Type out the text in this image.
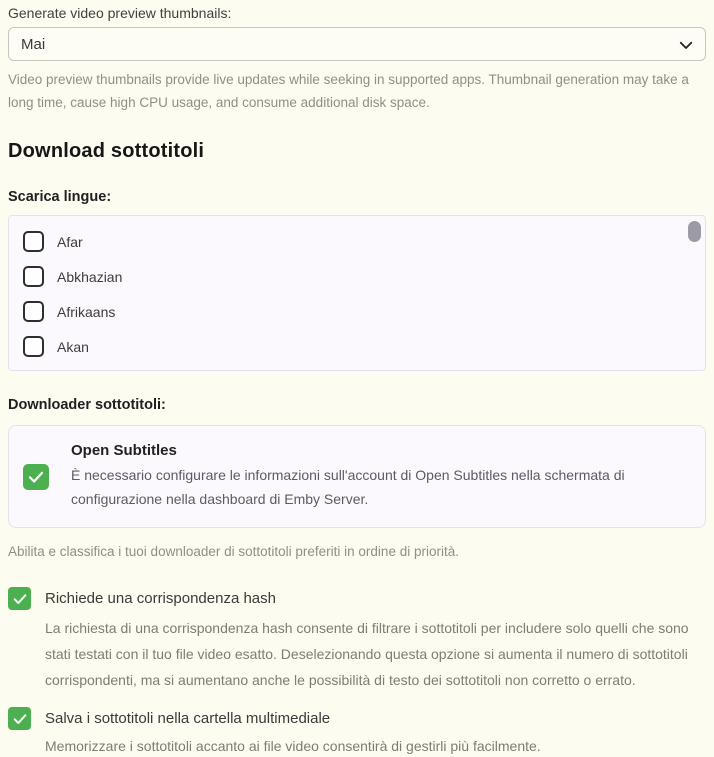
Generate video preview thumbnails:
Mai
Video preview thumbnails provide live updates while seeking in supported apps. Thumbnail generation may take a long time, cause high CPU usage, and consume additional disk space.
Download sottotitoli
Scarica lingue:
Afar
Abkhazian
Afrikaans
Akan
Downloader sottotitoli:
Open Subtitles
È necessario configurare le informazioni sull'account di Open Subtitles nella schermata di configurazione nella dashboard di Emby Server.
Abilita e classifica i tuoi downloader di sottotitoli preferiti in ordine di priorità.
Richiede una corrispondenza hash
La richiesta di una corrispondenza hash consente di filtrare i sottotitoli per includere solo quelli che sono stati testati con il tuo file video esatto. Deselezionando questa opzione si aumenta il numero di sottotitoli corrispondenti, ma si aumentano anche le possibilità di testo dei sottotitoli non corretto o errato.
Salva i sottotitoli nella cartella multimediale
Memorizzare i sottotitoli accanto ai file video consentirà di gestirli più facilmente.
